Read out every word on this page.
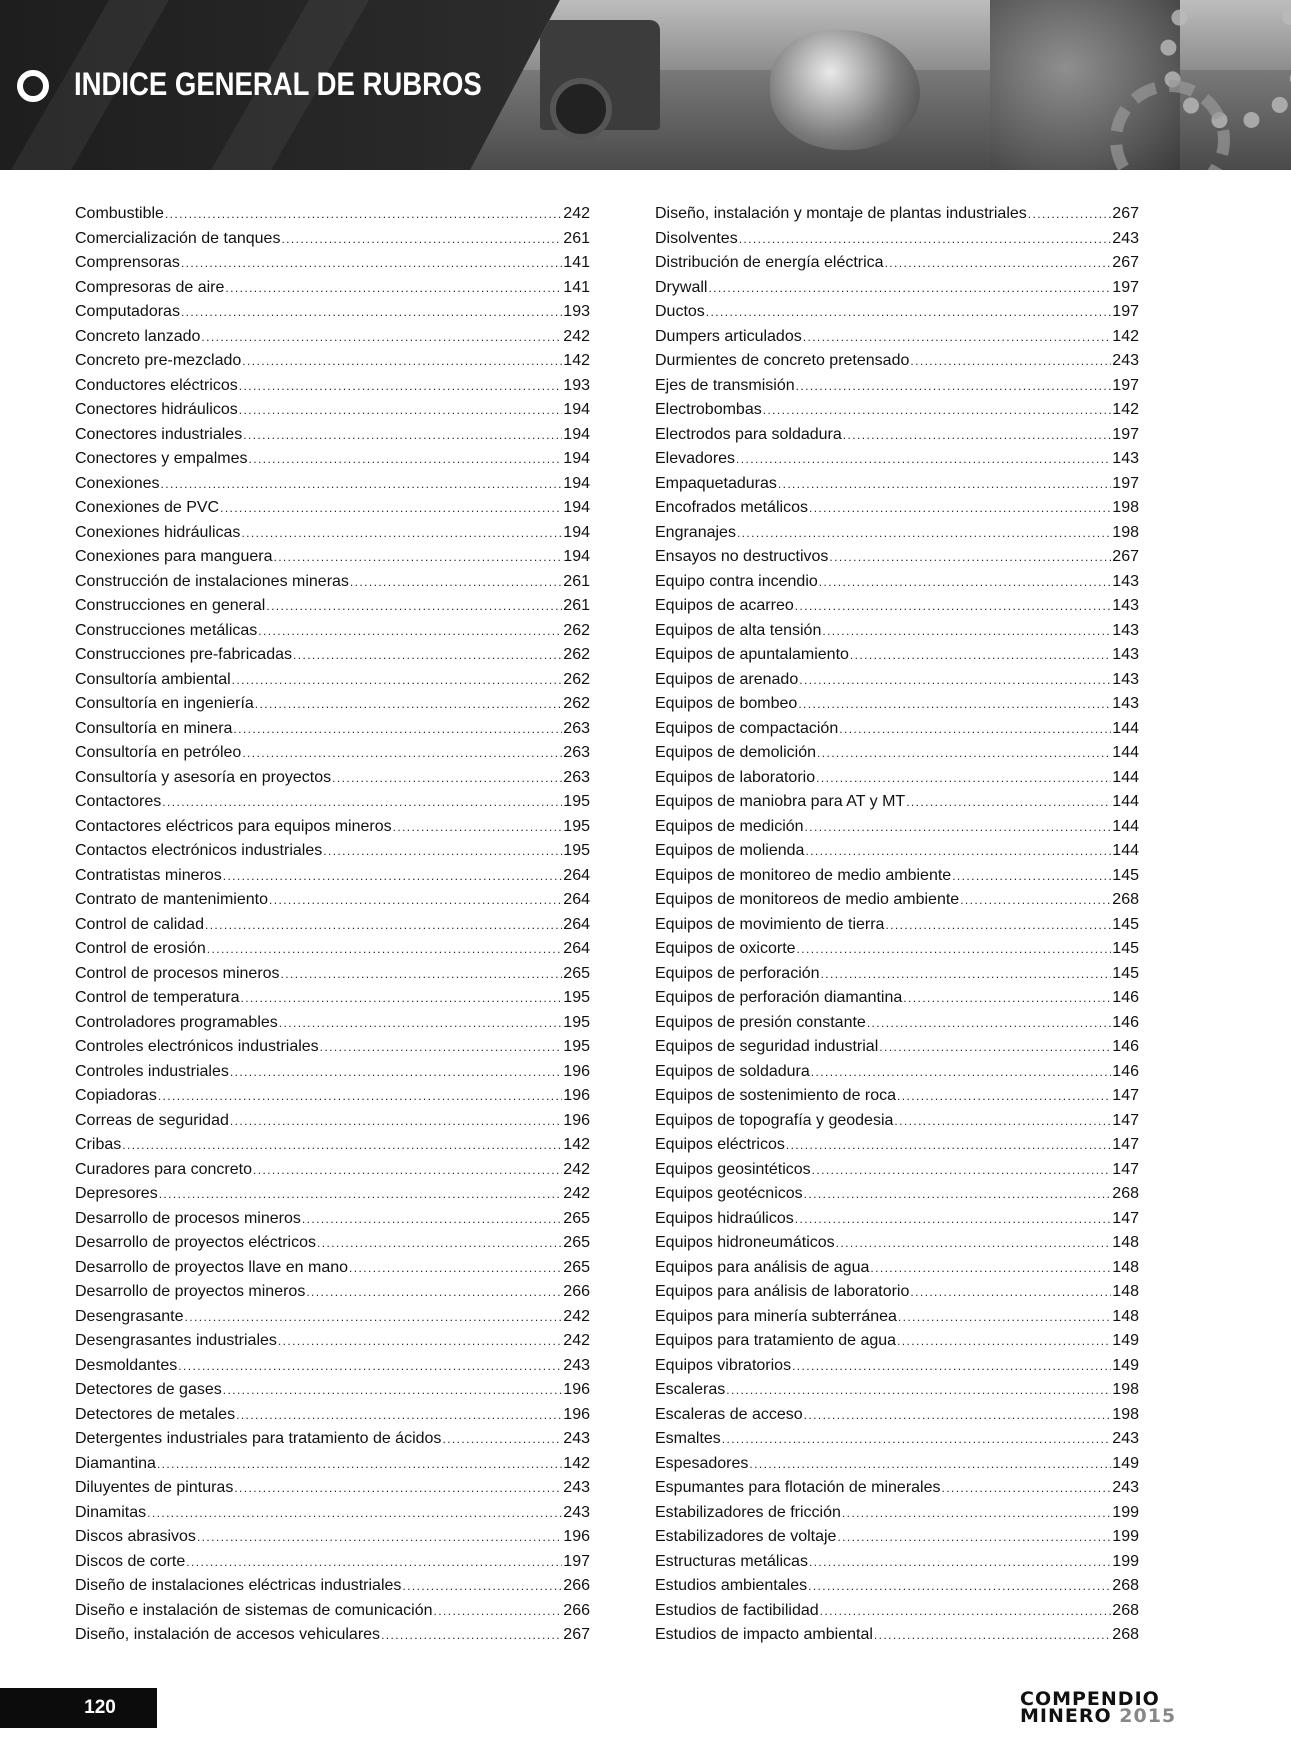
INDICE GENERAL DE RUBROS
Combustible .....	242
Comercialización de tanques .....	261
Comprensoras .....	141
Compresoras de aire .....	141
Computadoras .....	193
Concreto lanzado .....	242
Concreto pre-mezclado .....	142
Conductores eléctricos .....	193
Conectores hidráulicos .....	194
Conectores industriales .....	194
Conectores y empalmes .....	194
Conexiones .....	194
Conexiones de PVC .....	194
Conexiones hidráulicas .....	194
Conexiones para manguera .....	194
Construcción de instalaciones mineras .....	261
Construcciones en general .....	261
Construcciones metálicas .....	262
Construcciones pre-fabricadas .....	262
Consultoría ambiental .....	262
Consultoría en ingeniería .....	262
Consultoría en minera .....	263
Consultoría en petróleo .....	263
Consultoría y asesoría en proyectos .....	263
Contactores .....	195
Contactores eléctricos para equipos mineros .....	195
Contactos electrónicos industriales .....	195
Contratistas mineros .....	264
Contrato de mantenimiento .....	264
Control de calidad .....	264
Control de erosión .....	264
Control de procesos mineros .....	265
Control de temperatura .....	195
Controladores programables .....	195
Controles electrónicos industriales .....	195
Controles industriales .....	196
Copiadoras .....	196
Correas de seguridad .....	196
Cribas .....	142
Curadores para concreto .....	242
Depresores .....	242
Desarrollo de procesos mineros .....	265
Desarrollo de proyectos eléctricos .....	265
Desarrollo de proyectos llave en mano .....	265
Desarrollo de proyectos mineros .....	266
Desengrasante .....	242
Desengrasantes industriales .....	242
Desmoldantes .....	243
Detectores de gases .....	196
Detectores de metales .....	196
Detergentes industriales para tratamiento de ácidos .....	243
Diamantina .....	142
Diluyentes de pinturas .....	243
Dinamitas .....	243
Discos abrasivos .....	196
Discos de corte .....	197
Diseño de instalaciones eléctricas industriales .....	266
Diseño e instalación de sistemas de comunicación .....	266
Diseño, instalación de accesos vehiculares .....	267
Diseño, instalación y montaje de plantas industriales .....	267
Disolventes .....	243
Distribución de energía eléctrica .....	267
Drywall .....	197
Ductos .....	197
Dumpers articulados .....	142
Durmientes de concreto pretensado .....	243
Ejes de transmisión .....	197
Electrobombas .....	142
Electrodos para soldadura .....	197
Elevadores .....	143
Empaquetaduras .....	197
Encofrados metálicos .....	198
Engranajes .....	198
Ensayos no destructivos .....	267
Equipo contra incendio .....	143
Equipos de acarreo .....	143
Equipos de alta tensión .....	143
Equipos de apuntalamiento .....	143
Equipos de arenado .....	143
Equipos de bombeo .....	143
Equipos de compactación .....	144
Equipos de demolición .....	144
Equipos de laboratorio .....	144
Equipos de maniobra para AT y MT .....	144
Equipos de medición .....	144
Equipos de molienda .....	144
Equipos de monitoreo de medio ambiente .....	145
Equipos de monitoreos de medio ambiente .....	268
Equipos de movimiento de tierra .....	145
Equipos de oxicorte .....	145
Equipos de perforación .....	145
Equipos de perforación diamantina .....	146
Equipos de presión constante .....	146
Equipos de seguridad industrial .....	146
Equipos de soldadura .....	146
Equipos de sostenimiento de roca .....	147
Equipos de topografía y geodesia .....	147
Equipos eléctricos .....	147
Equipos geosintéticos .....	147
Equipos geotécnicos .....	268
Equipos hidraúlicos .....	147
Equipos hidroneumáticos .....	148
Equipos para análisis de agua .....	148
Equipos para análisis de laboratorio .....	148
Equipos para minería subterránea .....	148
Equipos para tratamiento de agua .....	149
Equipos vibratorios .....	149
Escaleras .....	198
Escaleras de acceso .....	198
Esmaltes .....	243
Espesadores .....	149
Espumantes para flotación de minerales .....	243
Estabilizadores de fricción .....	199
Estabilizadores de voltaje .....	199
Estructuras metálicas .....	199
Estudios ambientales .....	268
Estudios de factibilidad .....	268
Estudios de impacto ambiental .....	268
120	COMPENDIO
MINERO 2015
